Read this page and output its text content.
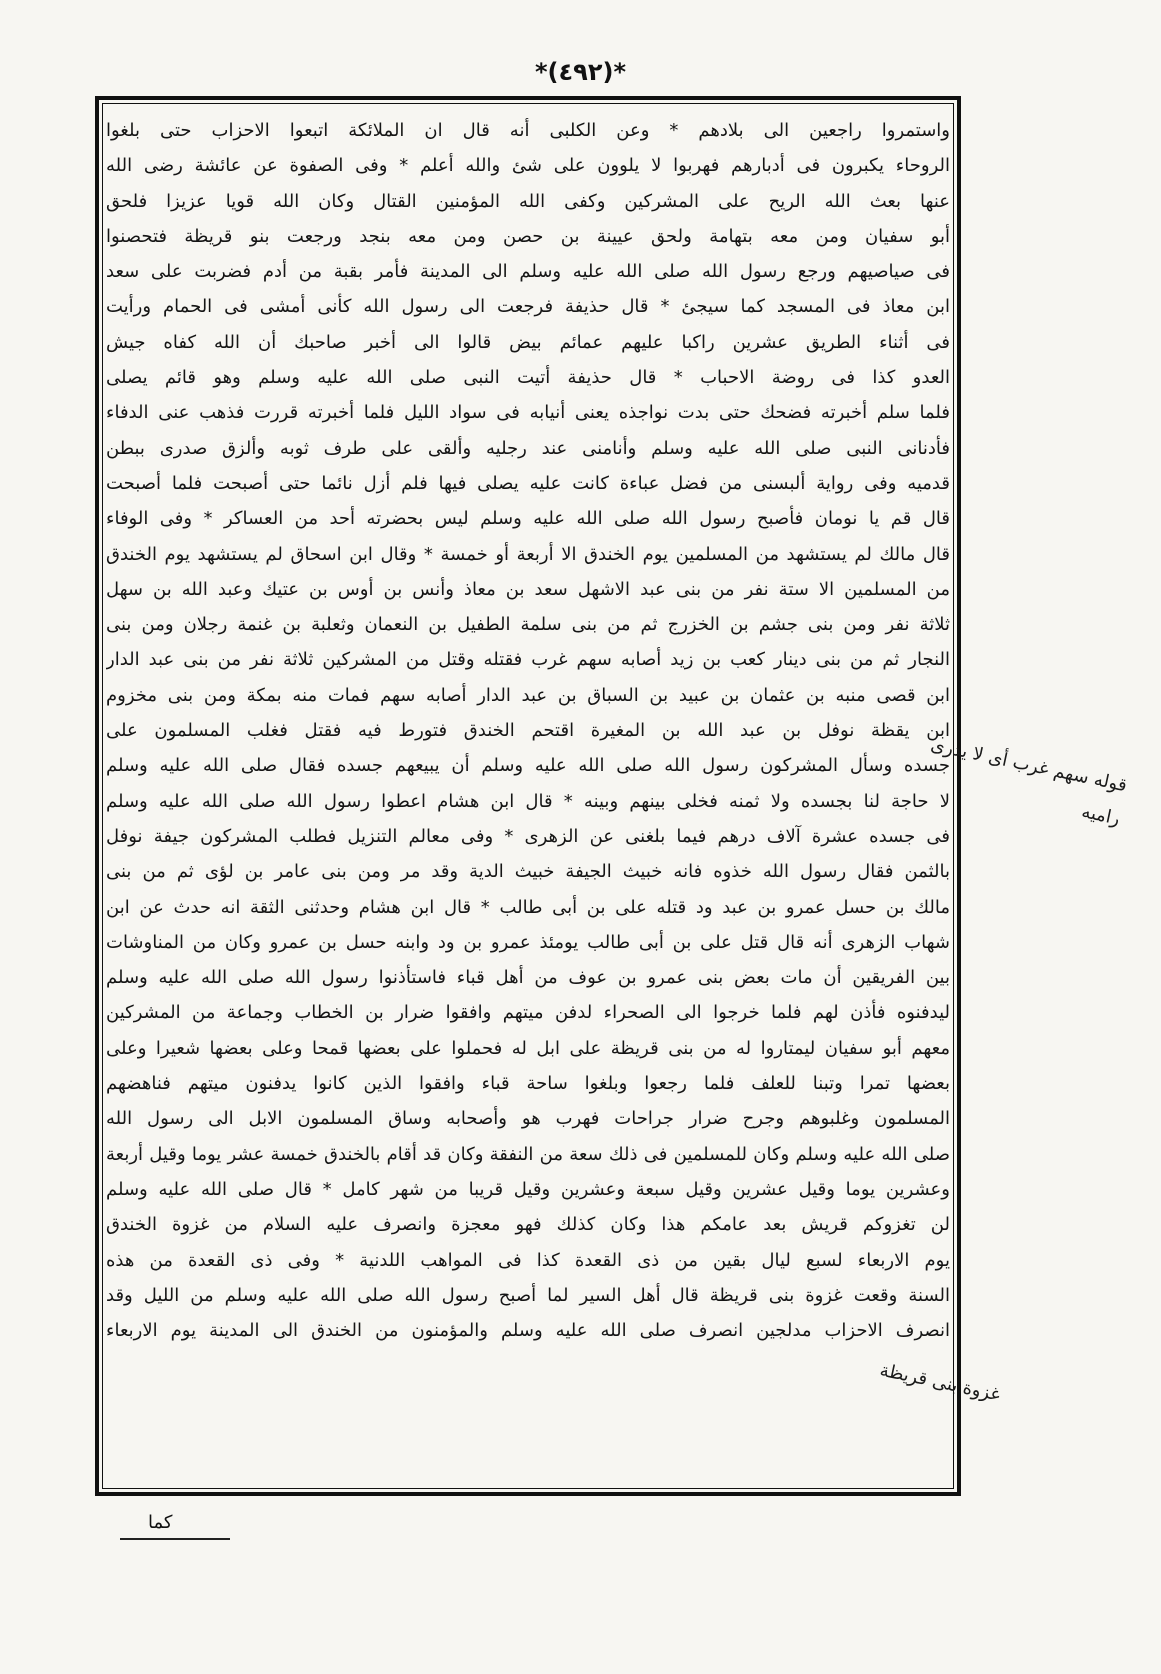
*(٤٩٢)*
واستمروا راجعين الى بلادهم * وعن الكلبى أنه قال ان الملائكة اتبعوا الاحزاب حتى بلغوا
الروحاء يكبرون فى أدبارهم فهربوا لا يلوون على شئ والله أعلم * وفى الصفوة عن عائشة رضى الله
عنها بعث الله الريح على المشركين وكفى الله المؤمنين القتال وكان الله قويا عزيزا فلحق
أبو سفيان ومن معه بتهامة ولحق عيينة بن حصن ومن معه بنجد ورجعت بنو قريظة فتحصنوا
فى صياصيهم ورجع رسول الله صلى الله عليه وسلم الى المدينة فأمر بقبة من أدم فضربت على سعد
ابن معاذ فى المسجد كما سيجئ * قال حذيفة فرجعت الى رسول الله كأنى أمشى فى الحمام ورأيت
فى أثناء الطريق عشرين راكبا عليهم عمائم بيض قالوا الى أخبر صاحبك أن الله كفاه جيش
العدو كذا فى روضة الاحباب * قال حذيفة أتيت النبى صلى الله عليه وسلم وهو قائم يصلى
فلما سلم أخبرته فضحك حتى بدت نواجذه يعنى أنيابه فى سواد الليل فلما أخبرته قررت فذهب عنى الدفاء
فأدنانى النبى صلى الله عليه وسلم وأنامنى عند رجليه وألقى على طرف ثوبه وألزق صدرى ببطن
قدميه وفى رواية ألبسنى من فضل عباءة كانت عليه يصلى فيها فلم أزل نائما حتى أصبحت فلما أصبحت
قال قم يا نومان فأصبح رسول الله صلى الله عليه وسلم ليس بحضرته أحد من العساكر * وفى الوفاء
قال مالك لم يستشهد من المسلمين يوم الخندق الا أربعة أو خمسة * وقال ابن اسحاق لم يستشهد يوم الخندق
من المسلمين الا ستة نفر من بنى عبد الاشهل سعد بن معاذ وأنس بن أوس بن عتيك وعبد الله بن سهل
ثلاثة نفر ومن بنى جشم بن الخزرج ثم من بنى سلمة الطفيل بن النعمان وثعلبة بن غنمة رجلان ومن بنى
النجار ثم من بنى دينار كعب بن زيد أصابه سهم غرب فقتله وقتل من المشركين ثلاثة نفر من بنى عبد الدار
ابن قصى منبه بن عثمان بن عبيد بن السباق بن عبد الدار أصابه سهم فمات منه بمكة ومن بنى مخزوم
ابن يقظة نوفل بن عبد الله بن المغيرة اقتحم الخندق فتورط فيه فقتل فغلب المسلمون على
جسده وسأل المشركون رسول الله صلى الله عليه وسلم أن يبيعهم جسده فقال صلى الله عليه وسلم
لا حاجة لنا بجسده ولا ثمنه فخلى بينهم وبينه * قال ابن هشام اعطوا رسول الله صلى الله عليه وسلم
فى جسده عشرة آلاف درهم فيما بلغنى عن الزهرى * وفى معالم التنزيل فطلب المشركون جيفة نوفل
بالثمن فقال رسول الله خذوه فانه خبيث الجيفة خبيث الدية وقد مر ومن بنى عامر بن لؤى ثم من بنى
مالك بن حسل عمرو بن عبد ود قتله على بن أبى طالب * قال ابن هشام وحدثنى الثقة انه حدث عن ابن
شهاب الزهرى أنه قال قتل على بن أبى طالب يومئذ عمرو بن ود وابنه حسل بن عمرو وكان من المناوشات
بين الفريقين أن مات بعض بنى عمرو بن عوف من أهل قباء فاستأذنوا رسول الله صلى الله عليه وسلم
ليدفنوه فأذن لهم فلما خرجوا الى الصحراء لدفن ميتهم وافقوا ضرار بن الخطاب وجماعة من المشركين
معهم أبو سفيان ليمتاروا له من بنى قريظة على ابل له فحملوا على بعضها قمحا وعلى بعضها شعيرا وعلى
بعضها تمرا وتبنا للعلف فلما رجعوا وبلغوا ساحة قباء وافقوا الذين كانوا يدفنون ميتهم فناهضهم
المسلمون وغلبوهم وجرح ضرار جراحات فهرب هو وأصحابه وساق المسلمون الابل الى رسول الله
صلى الله عليه وسلم وكان للمسلمين فى ذلك سعة من النفقة وكان قد أقام بالخندق خمسة عشر يوما وقيل أربعة
وعشرين يوما وقيل عشرين وقيل سبعة وعشرين وقيل قريبا من شهر كامل * قال صلى الله عليه وسلم
لن تغزوكم قريش بعد عامكم هذا وكان كذلك فهو معجزة وانصرف عليه السلام من غزوة الخندق
يوم الاربعاء لسبع ليال بقين من ذى القعدة كذا فى المواهب اللدنية * وفى ذى القعدة من هذه
السنة وقعت غزوة بنى قريظة قال أهل السير لما أصبح رسول الله صلى الله عليه وسلم من الليل وقد
انصرف الاحزاب مدلجين انصرف صلى الله عليه وسلم والمؤمنون من الخندق الى المدينة يوم الاربعاء
قوله سهم غرب أى لا يدرى
راميه
غزوة بنى قريظة
كما
